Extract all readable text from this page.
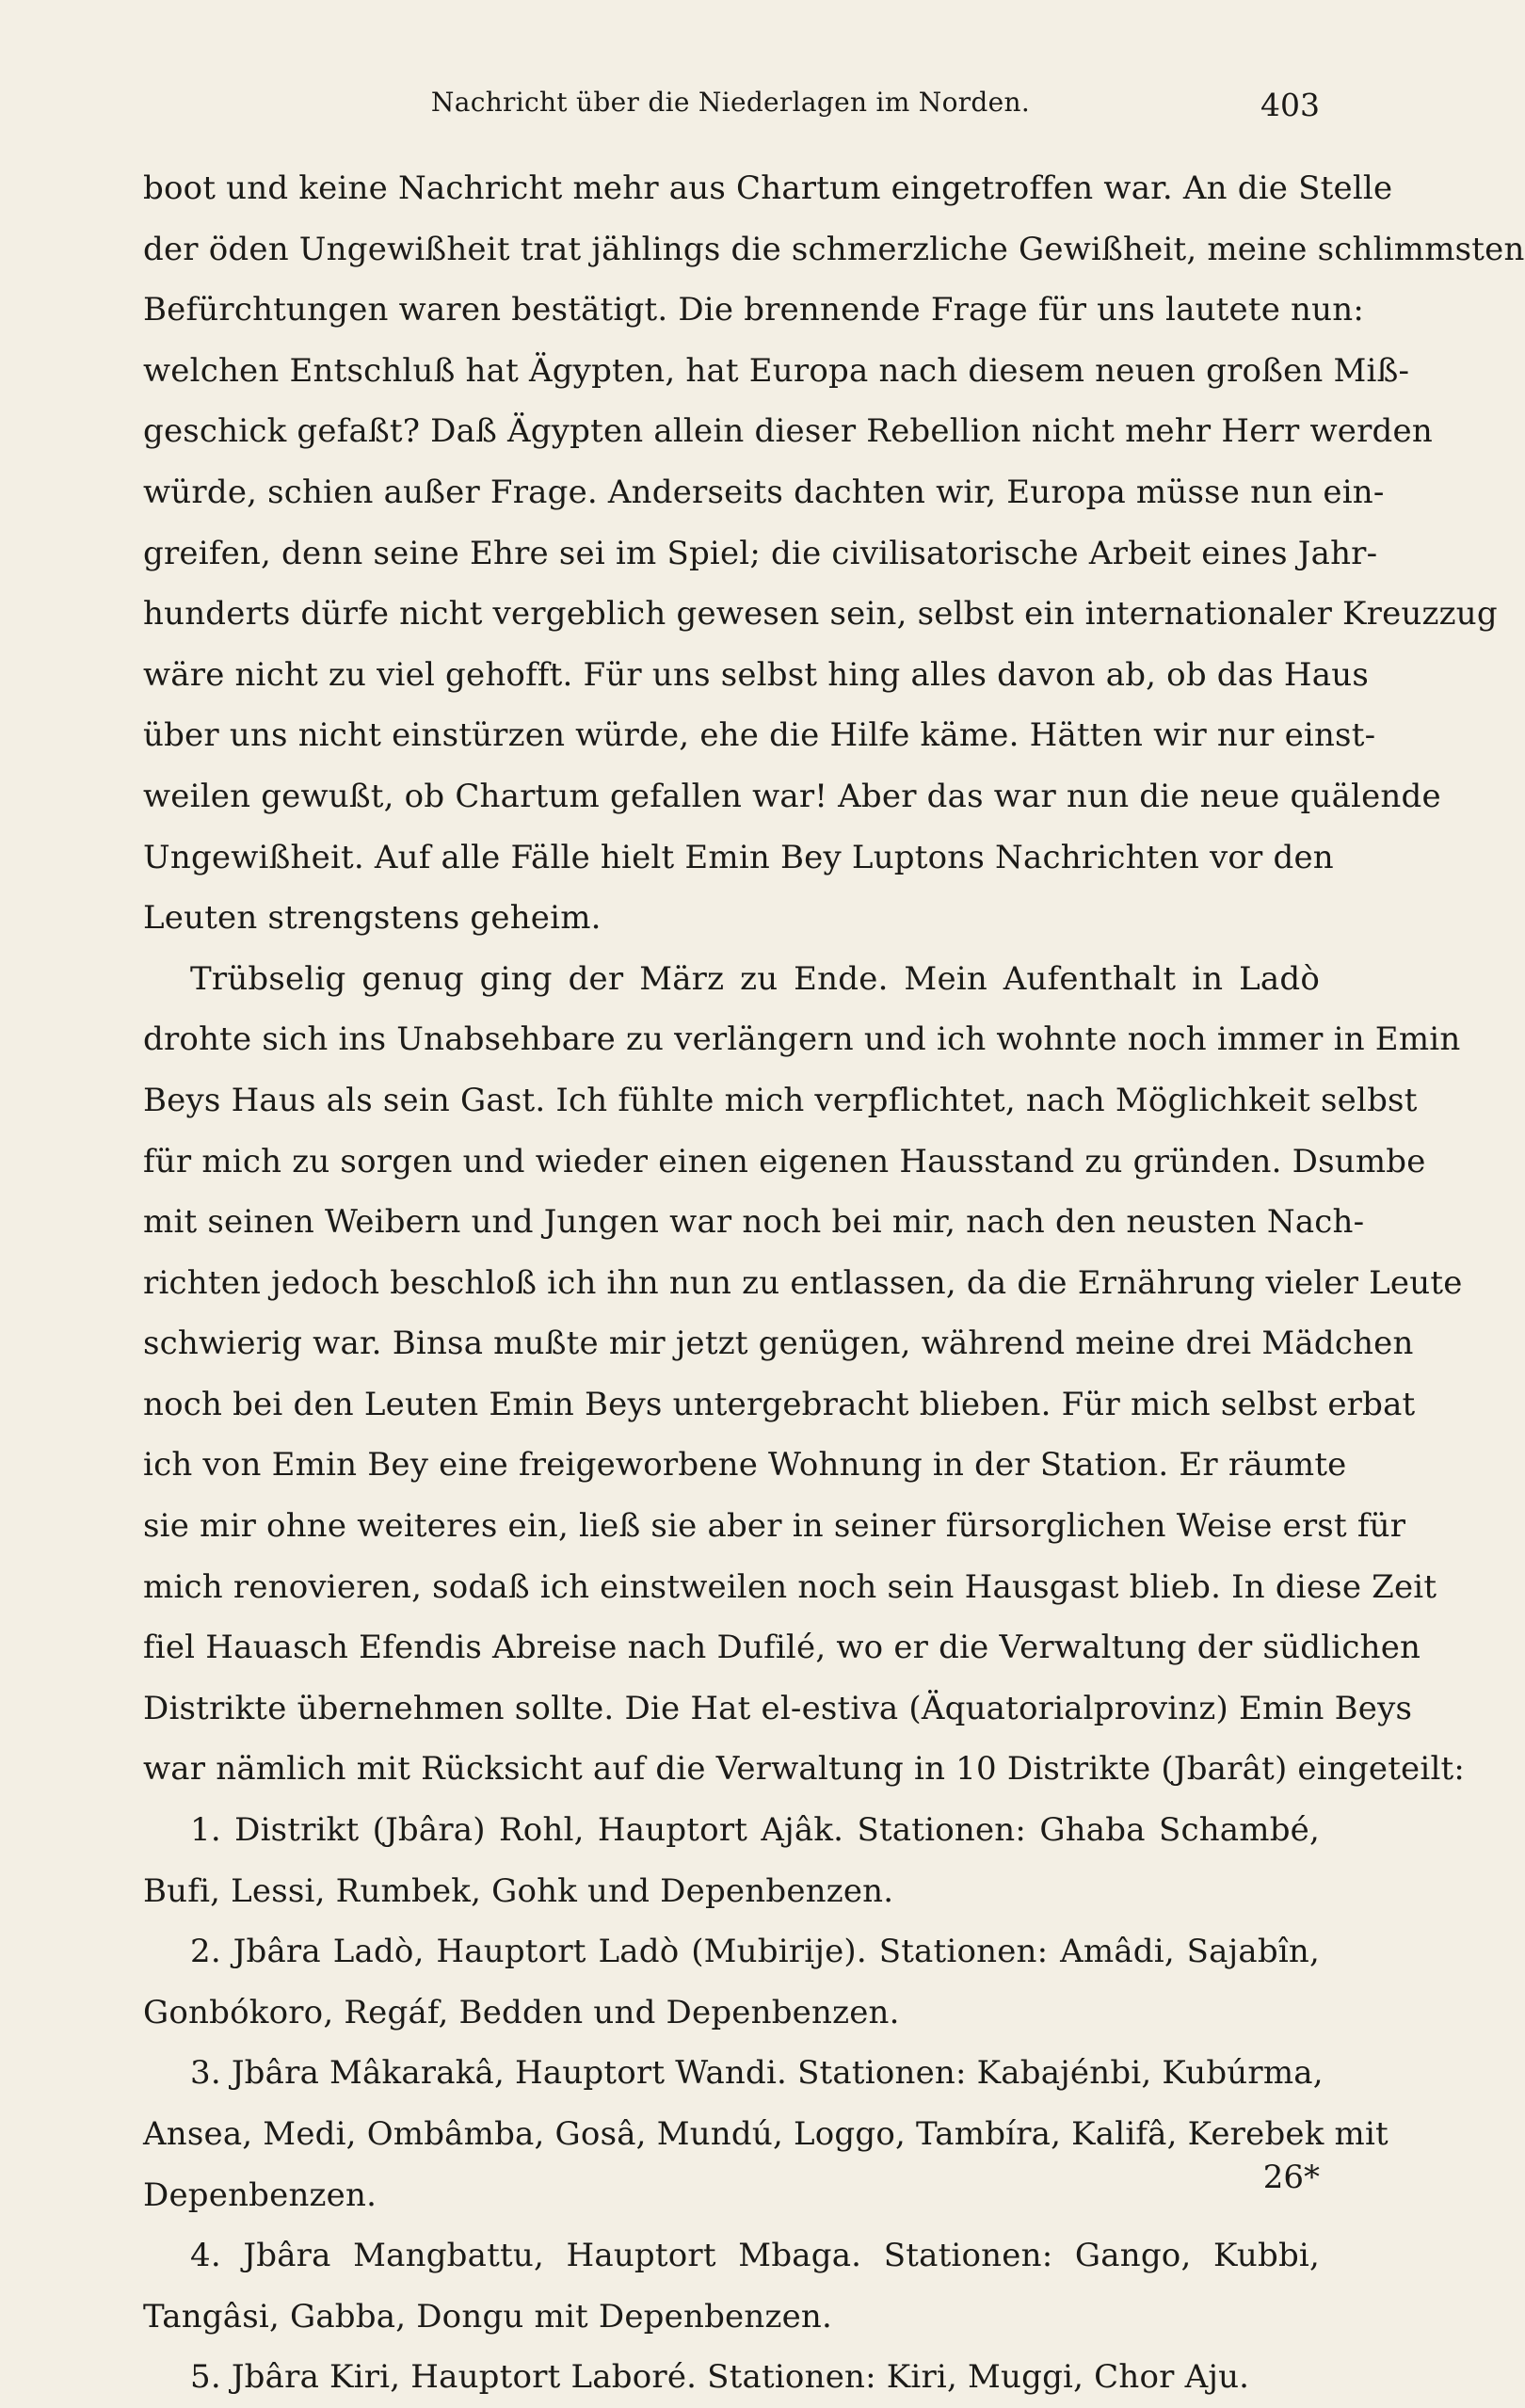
Nachricht über die Niederlagen im Norden.	403
boot und keine Nachricht mehr aus Chartum eingetroffen war. An die Stelle
der öden Ungewißheit trat jählings die schmerzliche Gewißheit, meine schlimmsten
Befürchtungen waren bestätigt. Die brennende Frage für uns lautete nun:
welchen Entschluß hat Ägypten, hat Europa nach diesem neuen großen Miß-
geschick gefaßt? Daß Ägypten allein dieser Rebellion nicht mehr Herr werden
würde, schien außer Frage. Anderseits dachten wir, Europa müsse nun ein-
greifen, denn seine Ehre sei im Spiel; die civilisatorische Arbeit eines Jahr-
hunderts dürfe nicht vergeblich gewesen sein, selbst ein internationaler Kreuzzug
wäre nicht zu viel gehofft. Für uns selbst hing alles davon ab, ob das Haus
über uns nicht einstürzen würde, ehe die Hilfe käme. Hätten wir nur einst-
weilen gewußt, ob Chartum gefallen war! Aber das war nun die neue quälende
Ungewißheit. Auf alle Fälle hielt Emin Bey Luptons Nachrichten vor den
Leuten strengstens geheim.
Trübselig genug ging der März zu Ende. Mein Aufenthalt in Ladò
drohte sich ins Unabsehbare zu verlängern und ich wohnte noch immer in Emin
Beys Haus als sein Gast. Ich fühlte mich verpflichtet, nach Möglichkeit selbst
für mich zu sorgen und wieder einen eigenen Hausstand zu gründen. Dsumbe
mit seinen Weibern und Jungen war noch bei mir, nach den neusten Nach-
richten jedoch beschloß ich ihn nun zu entlassen, da die Ernährung vieler Leute
schwierig war. Binsa mußte mir jetzt genügen, während meine drei Mädchen
noch bei den Leuten Emin Beys untergebracht blieben. Für mich selbst erbat
ich von Emin Bey eine freigeworbene Wohnung in der Station. Er räumte
sie mir ohne weiteres ein, ließ sie aber in seiner fürsorglichen Weise erst für
mich renovieren, sodaß ich einstweilen noch sein Hausgast blieb. In diese Zeit
fiel Hauasch Efendis Abreise nach Dufilé, wo er die Verwaltung der südlichen
Distrikte übernehmen sollte. Die Hat el-estiva (Äquatorialprovinz) Emin Beys
war nämlich mit Rücksicht auf die Verwaltung in 10 Distrikte (Jbarât) eingeteilt:
1. Distrikt (Jbâra) Rohl, Hauptort Ajâk. Stationen: Ghaba Schambé,
Bufi, Lessi, Rumbek, Gohk und Depenbenzen.
2. Jbâra Ladò, Hauptort Ladò (Mubirije). Stationen: Amâdi, Sajabîn,
Gonbókoro, Regáf, Bedden und Depenbenzen.
3. Jbâra Mâkarakâ, Hauptort Wandi. Stationen: Kabajénbi, Kubúrma,
Ansea, Medi, Ombâmba, Gosâ, Mundú, Loggo, Tambíra, Kalifâ, Kerebek mit
Depenbenzen.
4. Jbâra Mangbattu, Hauptort Mbaga. Stationen: Gango, Kubbi,
Tangâsi, Gabba, Dongu mit Depenbenzen.
5. Jbâra Kiri, Hauptort Laboré. Stationen: Kiri, Muggi, Chor Aju.
26*
